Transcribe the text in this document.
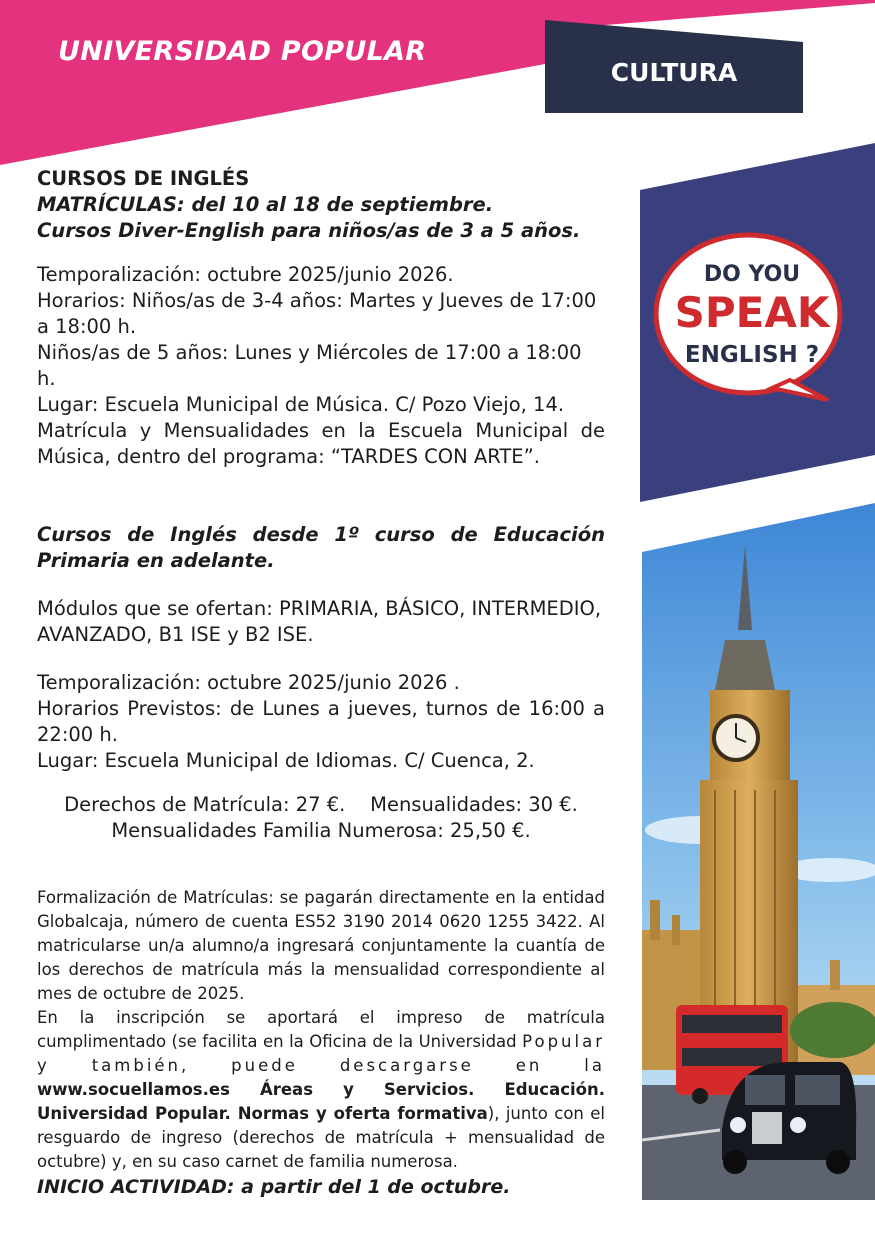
UNIVERSIDAD POPULAR
CULTURA
DO YOU
SPEAK
ENGLISH ?

CURSOS DE INGLÉS

MATRÍCULAS: del 10 al 18 de septiembre.

Cursos Diver-English para niños/as de 3 a 5 años.

Temporalización: octubre 2025/junio 2026.

Horarios: Niños/as de 3-4 años: Martes y Jueves de 17:00 a 18:00 h.

Niños/as de 5 años: Lunes y Miércoles de 17:00 a 18:00 h.

Lugar: Escuela Municipal de Música. C/ Pozo Viejo, 14.

Matrícula y Mensualidades en la Escuela Municipal de Música, dentro del programa: “TARDES CON ARTE”.

Cursos de Inglés desde 1º curso de Educación Primaria en adelante.

Módulos que se ofertan: PRIMARIA, BÁSICO, INTERMEDIO, AVANZADO, B1 ISE y B2 ISE.

Temporalización: octubre 2025/junio 2026 .

Horarios Previstos: de Lunes a jueves, turnos de 16:00 a 22:00 h.

Lugar: Escuela Municipal de Idiomas. C/ Cuenca, 2.

Derechos de Matrícula: 27 €.    Mensualidades: 30 €.

Mensualidades Familia Numerosa: 25,50 €.

Formalización de Matrículas: se pagarán directamente en la entidad Globalcaja, número de cuenta ES52 3190 2014 0620 1255 3422. Al matricularse un/a alumno/a ingresará conjuntamente la cuantía de los derechos de matrícula más la mensualidad correspondiente al mes de octubre de 2025.

En la inscripción se aportará el impreso de matrícula cumplimentado (se facilita en la Oficina de la Universidad Popular y también, puede descargarse en la www.socuellamos.es Áreas y Servicios. Educación. Universidad Popular. Normas y oferta formativa), junto con el resguardo de ingreso (derechos de matrícula + mensualidad de octubre) y, en su caso carnet de familia numerosa.

INICIO ACTIVIDAD: a partir del 1 de octubre.
